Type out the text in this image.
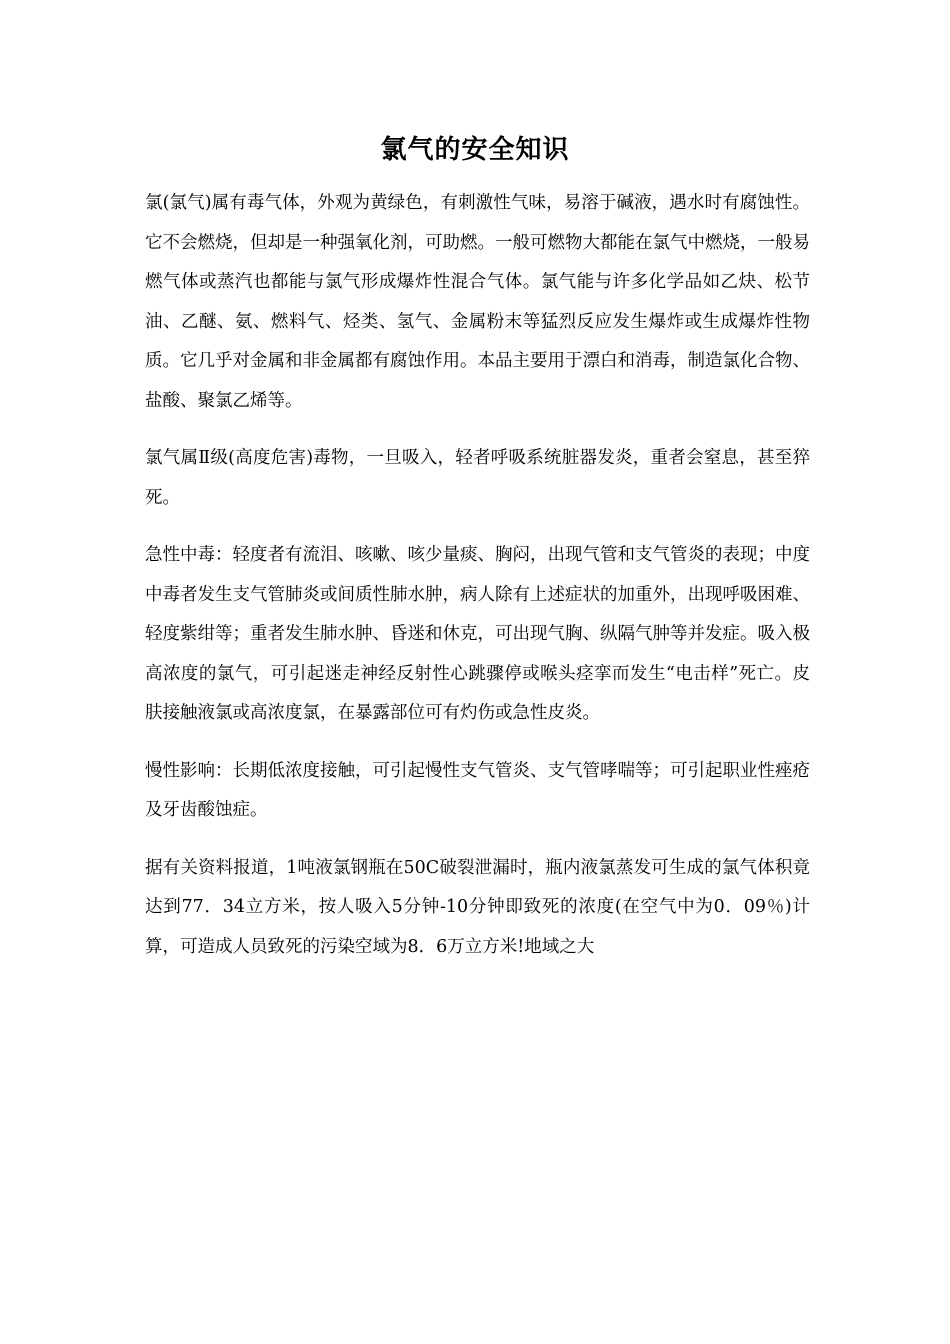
氯气的安全知识

氯(氯气)属有毒气体，外观为黄绿色，有刺激性气味，易溶于碱液，遇水时有腐蚀性。它不会燃烧，但却是一种强氧化剂，可助燃。一般可燃物大都能在氯气中燃烧，一般易燃气体或蒸汽也都能与氯气形成爆炸性混合气体。氯气能与许多化学品如乙炔、松节油、乙醚、氨、燃料气、烃类、氢气、金属粉末等猛烈反应发生爆炸或生成爆炸性物质。它几乎对金属和非金属都有腐蚀作用。本品主要用于漂白和消毒，制造氯化合物、盐酸、聚氯乙烯等。

氯气属Ⅱ级(高度危害)毒物，一旦吸入，轻者呼吸系统脏器发炎，重者会窒息，甚至猝死。

急性中毒：轻度者有流泪、咳嗽、咳少量痰、胸闷，出现气管和支气管炎的表现；中度中毒者发生支气管肺炎或间质性肺水肿，病人除有上述症状的加重外，出现呼吸困难、轻度紫绀等；重者发生肺水肿、昏迷和休克，可出现气胸、纵隔气肿等并发症。吸入极高浓度的氯气，可引起迷走神经反射性心跳骤停或喉头痉挛而发生“电击样”死亡。皮肤接触液氯或高浓度氯，在暴露部位可有灼伤或急性皮炎。

慢性影响：长期低浓度接触，可引起慢性支气管炎、支气管哮喘等；可引起职业性痤疮及牙齿酸蚀症。

据有关资料报道，1吨液氯钢瓶在50C破裂泄漏时，瓶内液氯蒸发可生成的氯气体积竟达到77．34立方米，按人吸入5分钟-10分钟即致死的浓度(在空气中为0．09％)计算，可造成人员致死的污染空域为8．6万立方米!地域之大
